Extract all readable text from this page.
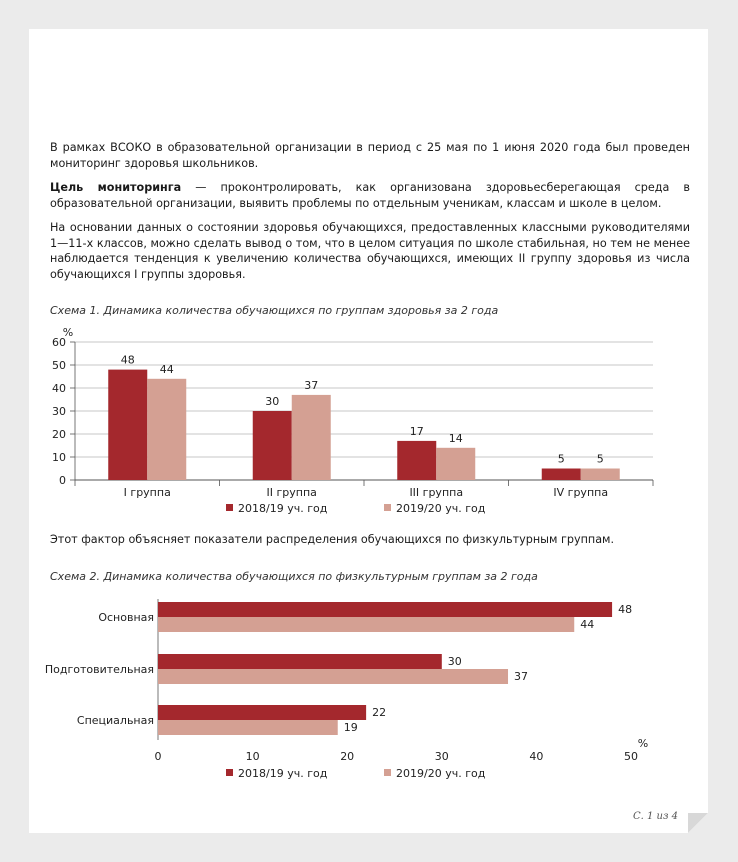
В рамках ВСОКО в образовательной организации в период с 25 мая по 1 июня 2020 года был проведен мониторинг здоровья школьников.

Цель мониторинга — проконтролировать, как организована здоровьесберегающая среда в образовательной организации, выявить проблемы по отдельным ученикам, классам и школе в целом.

На основании данных о состоянии здоровья обучающихся, предоставленных классными руководителями 1—11-х классов, можно сделать вывод о том, что в целом ситуация по школе стабильная, но тем не менее наблюдается тенденция к увеличению количества обучающихся, имеющих II группу здоровья из числа обучающихся I группы здоровья.

Схема 1. Динамика количества обучающихся по группам здоровья за 2 года
0
10
20
30
40
50
60
%
I группа
48
44
II группа
30
37
III группа
17
14
IV группа
5	5
2018/19 уч. год	2019/20 уч. год

Этот фактор объясняет показатели распределения обучающихся по физкультурным группам.

Схема 2. Динамика количества обучающихся по физкультурным группам за 2 года
0	10	20	30	40	50
%
Основная
48
44
Подготовительная
30
37
Специальная
22
19
2018/19 уч. год	2019/20 уч. год
С. 1 из 4
